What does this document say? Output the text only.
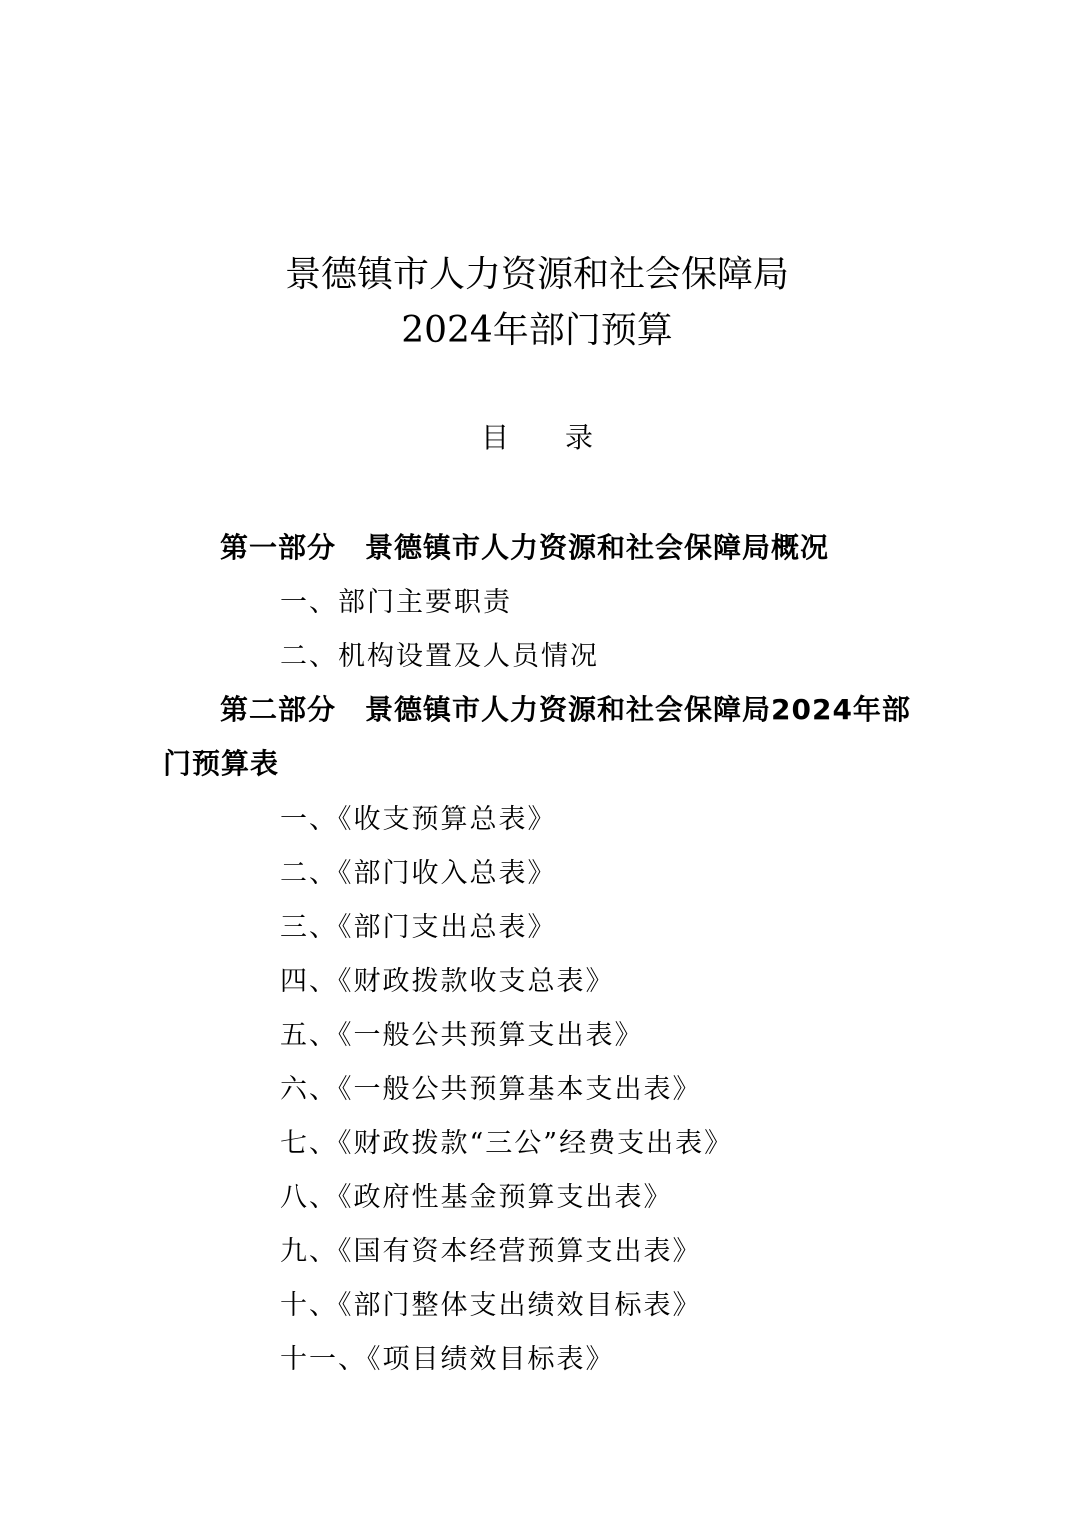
景德镇市人力资源和社会保障局
2024年部门预算
目录
第一部分　景德镇市人力资源和社会保障局概况
一、部门主要职责
二、机构设置及人员情况
第二部分　景德镇市人力资源和社会保障局2024年部
门预算表
一、《收支预算总表》
二、《部门收入总表》
三、《部门支出总表》
四、《财政拨款收支总表》
五、《一般公共预算支出表》
六、《一般公共预算基本支出表》
七、《财政拨款“三公”经费支出表》
八、《政府性基金预算支出表》
九、《国有资本经营预算支出表》
十、《部门整体支出绩效目标表》
十一、《项目绩效目标表》
